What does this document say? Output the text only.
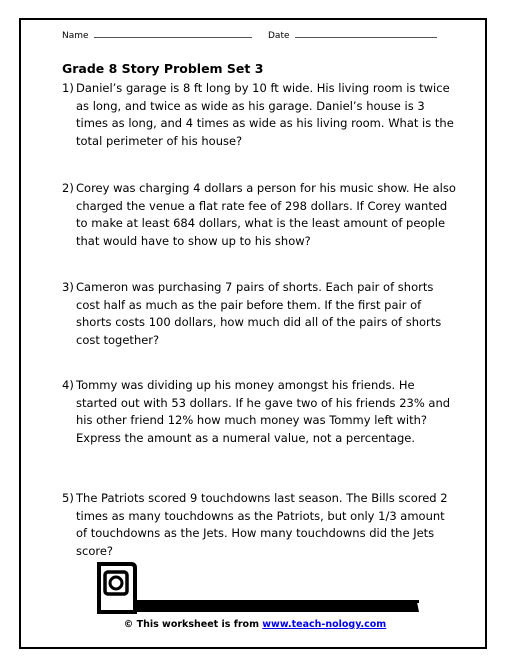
Name	Date
Grade 8 Story Problem Set 3
1) Daniel’s garage is 8 ft long by 10 ft wide. His living room is twice as long, and twice as wide as his garage. Daniel’s house is 3 times as long, and 4 times as wide as his living room. What is the total perimeter of his house?
2) Corey was charging 4 dollars a person for his music show. He also charged the venue a flat rate fee of 298 dollars. If Corey wanted to make at least 684 dollars, what is the least amount of people that would have to show up to his show?
3) Cameron was purchasing 7 pairs of shorts. Each pair of shorts cost half as much as the pair before them. If the first pair of shorts costs 100 dollars, how much did all of the pairs of shorts cost together?
4) Tommy was dividing up his money amongst his friends. He started out with 53 dollars. If he gave two of his friends 23% and his other friend 12% how much money was Tommy left with? Express the amount as a numeral value, not a percentage.
5) The Patriots scored 9 touchdowns last season. The Bills scored 2 times as many touchdowns as the Patriots, but only 1/3 amount of touchdowns as the Jets. How many touchdowns did the Jets score?
© This worksheet is from www.teach-nology.com
